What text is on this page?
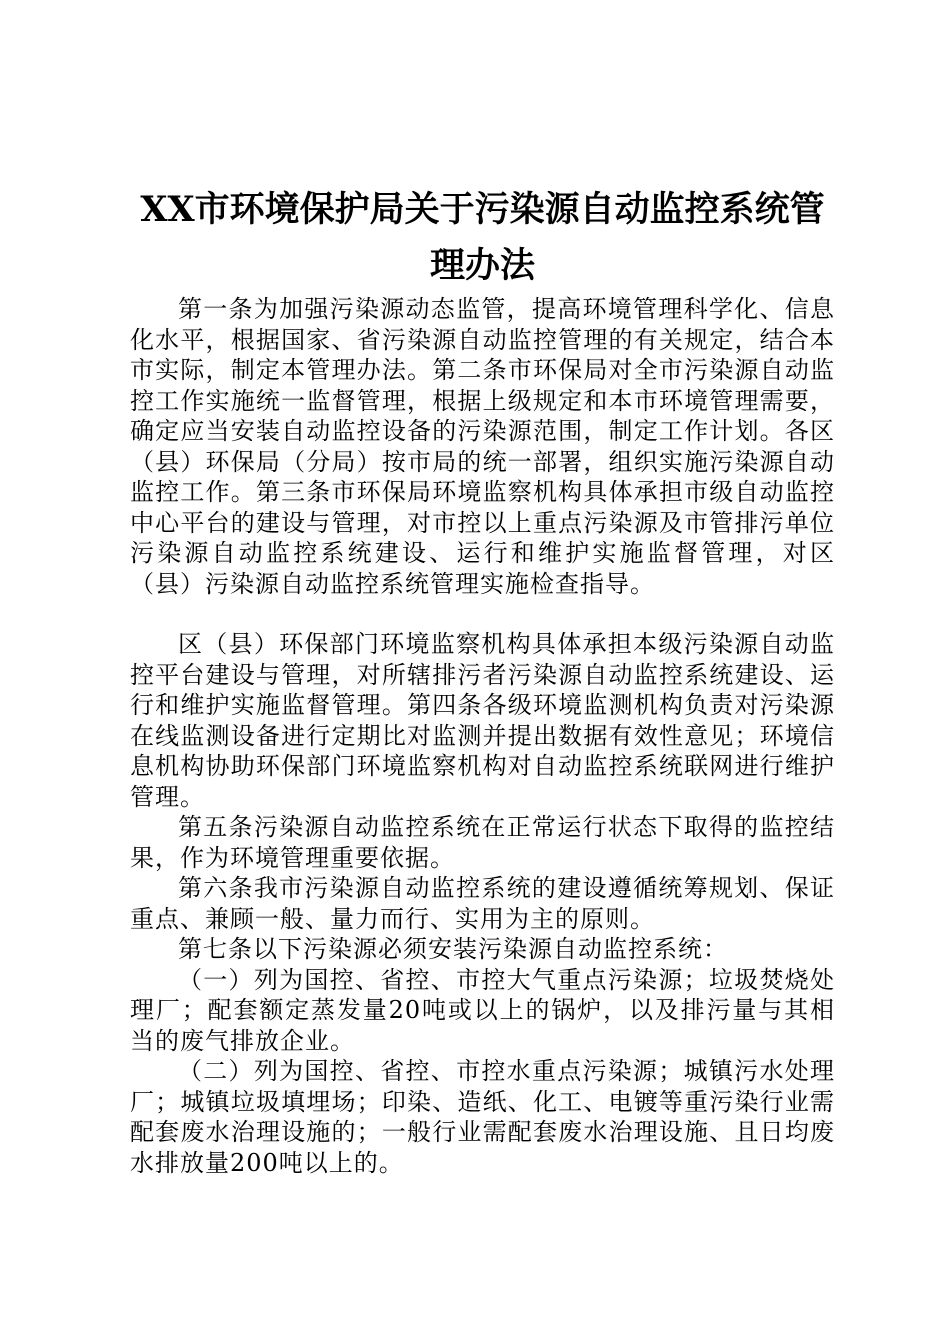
XX市环境保护局关于污染源自动监控系统管
理办法

第一条为加强污染源动态监管，提高环境管理科学化、信息化水平，根据国家、省污染源自动监控管理的有关规定，结合本市实际，制定本管理办法。第二条市环保局对全市污染源自动监控工作实施统一监督管理，根据上级规定和本市环境管理需要，确定应当安装自动监控设备的污染源范围，制定工作计划。各区（县）环保局（分局）按市局的统一部署，组织实施污染源自动监控工作。第三条市环保局环境监察机构具体承担市级自动监控中心平台的建设与管理，对市控以上重点污染源及市管排污单位污染源自动监控系统建设、运行和维护实施监督管理，对区（县）污染源自动监控系统管理实施检查指导。

区（县）环保部门环境监察机构具体承担本级污染源自动监控平台建设与管理，对所辖排污者污染源自动监控系统建设、运行和维护实施监督管理。第四条各级环境监测机构负责对污染源在线监测设备进行定期比对监测并提出数据有效性意见；环境信息机构协助环保部门环境监察机构对自动监控系统联网进行维护管理。

第五条污染源自动监控系统在正常运行状态下取得的监控结果，作为环境管理重要依据。

第六条我市污染源自动监控系统的建设遵循统筹规划、保证重点、兼顾一般、量力而行、实用为主的原则。

第七条以下污染源必须安装污染源自动监控系统：

（一）列为国控、省控、市控大气重点污染源；垃圾焚烧处理厂；配套额定蒸发量20吨或以上的锅炉，以及排污量与其相当的废气排放企业。

（二）列为国控、省控、市控水重点污染源；城镇污水处理厂；城镇垃圾填埋场；印染、造纸、化工、电镀等重污染行业需配套废水治理设施的；一般行业需配套废水治理设施、且日均废水排放量200吨以上的。
